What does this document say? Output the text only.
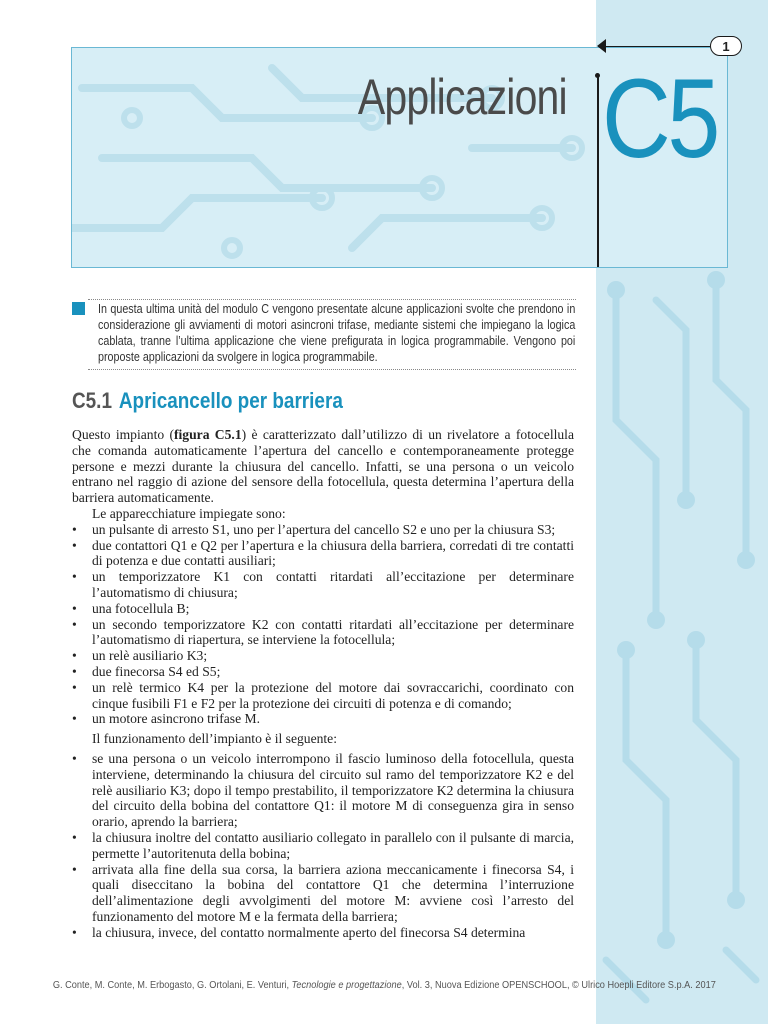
Applicazioni C5
1
In questa ultima unità del modulo C vengono presentate alcune applicazioni svolte che prendono in considerazione gli avviamenti di motori asincroni trifase, mediante sistemi che impiegano la logica cablata, tranne l’ultima applicazione che viene prefigurata in logica programmabile. Vengono poi proposte applicazioni da svolgere in logica programmabile.
C5.1 Apricancello per barriera

Questo impianto (figura C5.1) è caratterizzato dall’utilizzo di un rivelatore a fotocellula che comanda automaticamente l’apertura del cancello e contemporaneamente protegge persone e mezzi durante la chiusura del cancello. Infatti, se una persona o un veicolo entrano nel raggio di azione del sensore della fotocellula, questa determina l’apertura della barriera automaticamente.

Le apparecchiature impiegate sono:

• un pulsante di arresto S1, uno per l’apertura del cancello S2 e uno per la chiusura S3;
• due contattori Q1 e Q2 per l’apertura e la chiusura della barriera, corredati di tre contatti di potenza e due contatti ausiliari;
• un temporizzatore K1 con contatti ritardati all’eccitazione per determinare l’automatismo di chiusura;
• una fotocellula B;
• un secondo temporizzatore K2 con contatti ritardati all’eccitazione per determinare l’automatismo di riapertura, se interviene la fotocellula;
• un relè ausiliario K3;
• due finecorsa S4 ed S5;
• un relè termico K4 per la protezione del motore dai sovraccarichi, coordinato con cinque fusibili F1 e F2 per la protezione dei circuiti di potenza e di comando;
• un motore asincrono trifase M.

Il funzionamento dell’impianto è il seguente:

• se una persona o un veicolo interrompono il fascio luminoso della fotocellula, questa interviene, determinando la chiusura del circuito sul ramo del temporizzatore K2 e del relè ausiliario K3; dopo il tempo prestabilito, il temporizzatore K2 determina la chiusura del circuito della bobina del contattore Q1: il motore M di conseguenza gira in senso orario, aprendo la barriera;
• la chiusura inoltre del contatto ausiliario collegato in parallelo con il pulsante di marcia, permette l’autoritenuta della bobina;
• arrivata alla fine della sua corsa, la barriera aziona meccanicamente i finecorsa S4, i quali diseccitano la bobina del contattore Q1 che determina l’interruzione dell’alimentazione degli avvolgimenti del motore M: avviene così l’arresto del funzionamento del motore M e la fermata della barriera;
• la chiusura, invece, del contatto normalmente aperto del finecorsa S4 determina
G. Conte, M. Conte, M. Erbogasto, G. Ortolani, E. Venturi, Tecnologie e progettazione, Vol. 3, Nuova Edizione OPENSCHOOL, © Ulrico Hoepli Editore S.p.A. 2017
